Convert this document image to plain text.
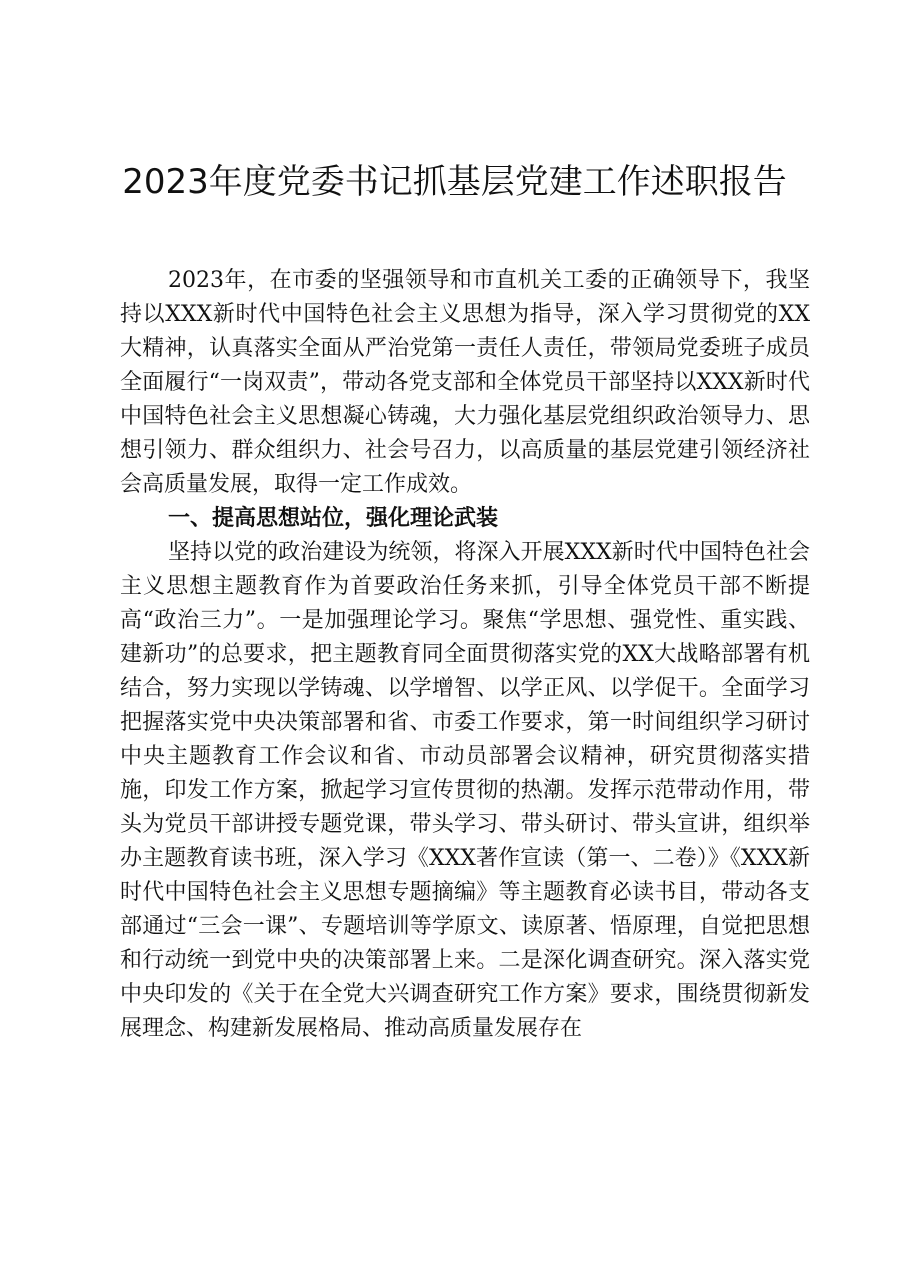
2023年度党委书记抓基层党建工作述职报告

2023年，在市委的坚强领导和市直机关工委的正确领导下，我坚持以XXX新时代中国特色社会主义思想为指导，深入学习贯彻党的XX大精神，认真落实全面从严治党第一责任人责任，带领局党委班子成员全面履行“一岗双责”，带动各党支部和全体党员干部坚持以XXX新时代中国特色社会主义思想凝心铸魂，大力强化基层党组织政治领导力、思想引领力、群众组织力、社会号召力，以高质量的基层党建引领经济社会高质量发展，取得一定工作成效。

一、提高思想站位，强化理论武装

坚持以党的政治建设为统领，将深入开展XXX新时代中国特色社会主义思想主题教育作为首要政治任务来抓，引导全体党员干部不断提高“政治三力”。一是加强理论学习。聚焦“学思想、强党性、重实践、建新功”的总要求，把主题教育同全面贯彻落实党的XX大战略部署有机结合，努力实现以学铸魂、以学增智、以学正风、以学促干。全面学习把握落实党中央决策部署和省、市委工作要求，第一时间组织学习研讨中央主题教育工作会议和省、市动员部署会议精神，研究贯彻落实措施，印发工作方案，掀起学习宣传贯彻的热潮。发挥示范带动作用，带头为党员干部讲授专题党课，带头学习、带头研讨、带头宣讲，组织举办主题教育读书班，深入学习《XXX著作宣读（第一、二卷）》《XXX新时代中国特色社会主义思想专题摘编》等主题教育必读书目，带动各支部通过“三会一课”、专题培训等学原文、读原著、悟原理，自觉把思想和行动统一到党中央的决策部署上来。二是深化调查研究。深入落实党中央印发的《关于在全党大兴调查研究工作方案》要求，围绕贯彻新发展理念、构建新发展格局、推动高质量发展存在
